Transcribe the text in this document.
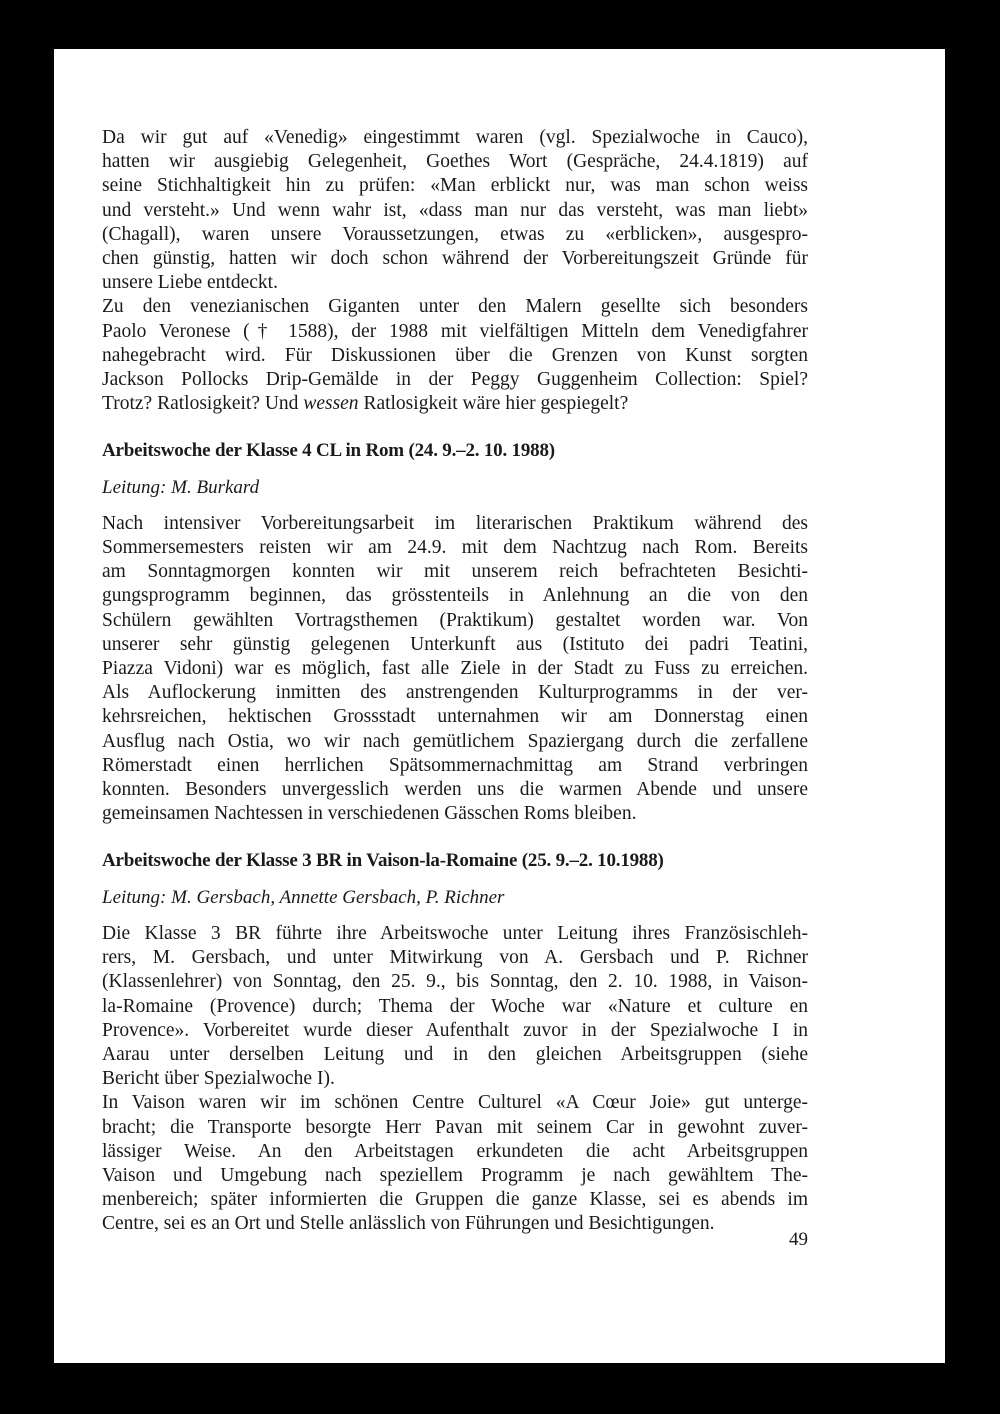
Da wir gut auf «Venedig» eingestimmt waren (vgl. Spezialwoche in Cauco),
hatten wir ausgiebig Gelegenheit, Goethes Wort (Gespräche, 24.4.1819) auf
seine Stichhaltigkeit hin zu prüfen: «Man erblickt nur, was man schon weiss
und versteht.» Und wenn wahr ist, «dass man nur das versteht, was man liebt»
(Chagall), waren unsere Voraussetzungen, etwas zu «erblicken», ausgespro-
chen günstig, hatten wir doch schon während der Vorbereitungszeit Gründe für
unsere Liebe entdeckt.

Zu den venezianischen Giganten unter den Malern gesellte sich besonders
Paolo Veronese († 1588), der 1988 mit vielfältigen Mitteln dem Venedigfahrer
nahegebracht wird. Für Diskussionen über die Grenzen von Kunst sorgten
Jackson Pollocks Drip-Gemälde in der Peggy Guggenheim Collection: Spiel?
Trotz? Ratlosigkeit? Und wessen Ratlosigkeit wäre hier gespiegelt?

Arbeitswoche der Klasse 4 CL in Rom (24. 9.–2. 10. 1988)
Leitung: M. Burkard

Nach intensiver Vorbereitungsarbeit im literarischen Praktikum während des
Sommersemesters reisten wir am 24.9. mit dem Nachtzug nach Rom. Bereits
am Sonntagmorgen konnten wir mit unserem reich befrachteten Besichti-
gungsprogramm beginnen, das grösstenteils in Anlehnung an die von den
Schülern gewählten Vortragsthemen (Praktikum) gestaltet worden war. Von
unserer sehr günstig gelegenen Unterkunft aus (Istituto dei padri Teatini,
Piazza Vidoni) war es möglich, fast alle Ziele in der Stadt zu Fuss zu erreichen.
Als Auflockerung inmitten des anstrengenden Kulturprogramms in der ver-
kehrsreichen, hektischen Grossstadt unternahmen wir am Donnerstag einen
Ausflug nach Ostia, wo wir nach gemütlichem Spaziergang durch die zerfallene
Römerstadt einen herrlichen Spätsommernachmittag am Strand verbringen
konnten. Besonders unvergesslich werden uns die warmen Abende und unsere
gemeinsamen Nachtessen in verschiedenen Gässchen Roms bleiben.

Arbeitswoche der Klasse 3 BR in Vaison-la-Romaine (25. 9.–2. 10.1988)
Leitung: M. Gersbach, Annette Gersbach, P. Richner

Die Klasse 3 BR führte ihre Arbeitswoche unter Leitung ihres Französischleh-
rers, M. Gersbach, und unter Mitwirkung von A. Gersbach und P. Richner
(Klassenlehrer) von Sonntag, den 25. 9., bis Sonntag, den 2. 10. 1988, in Vaison-
la-Romaine (Provence) durch; Thema der Woche war «Nature et culture en
Provence». Vorbereitet wurde dieser Aufenthalt zuvor in der Spezialwoche I in
Aarau unter derselben Leitung und in den gleichen Arbeitsgruppen (siehe
Bericht über Spezialwoche I).

In Vaison waren wir im schönen Centre Culturel «A Cœur Joie» gut unterge-
bracht; die Transporte besorgte Herr Pavan mit seinem Car in gewohnt zuver-
lässiger Weise. An den Arbeitstagen erkundeten die acht Arbeitsgruppen
Vaison und Umgebung nach speziellem Programm je nach gewähltem The-
menbereich; später informierten die Gruppen die ganze Klasse, sei es abends im
Centre, sei es an Ort und Stelle anlässlich von Führungen und Besichtigungen.

49
